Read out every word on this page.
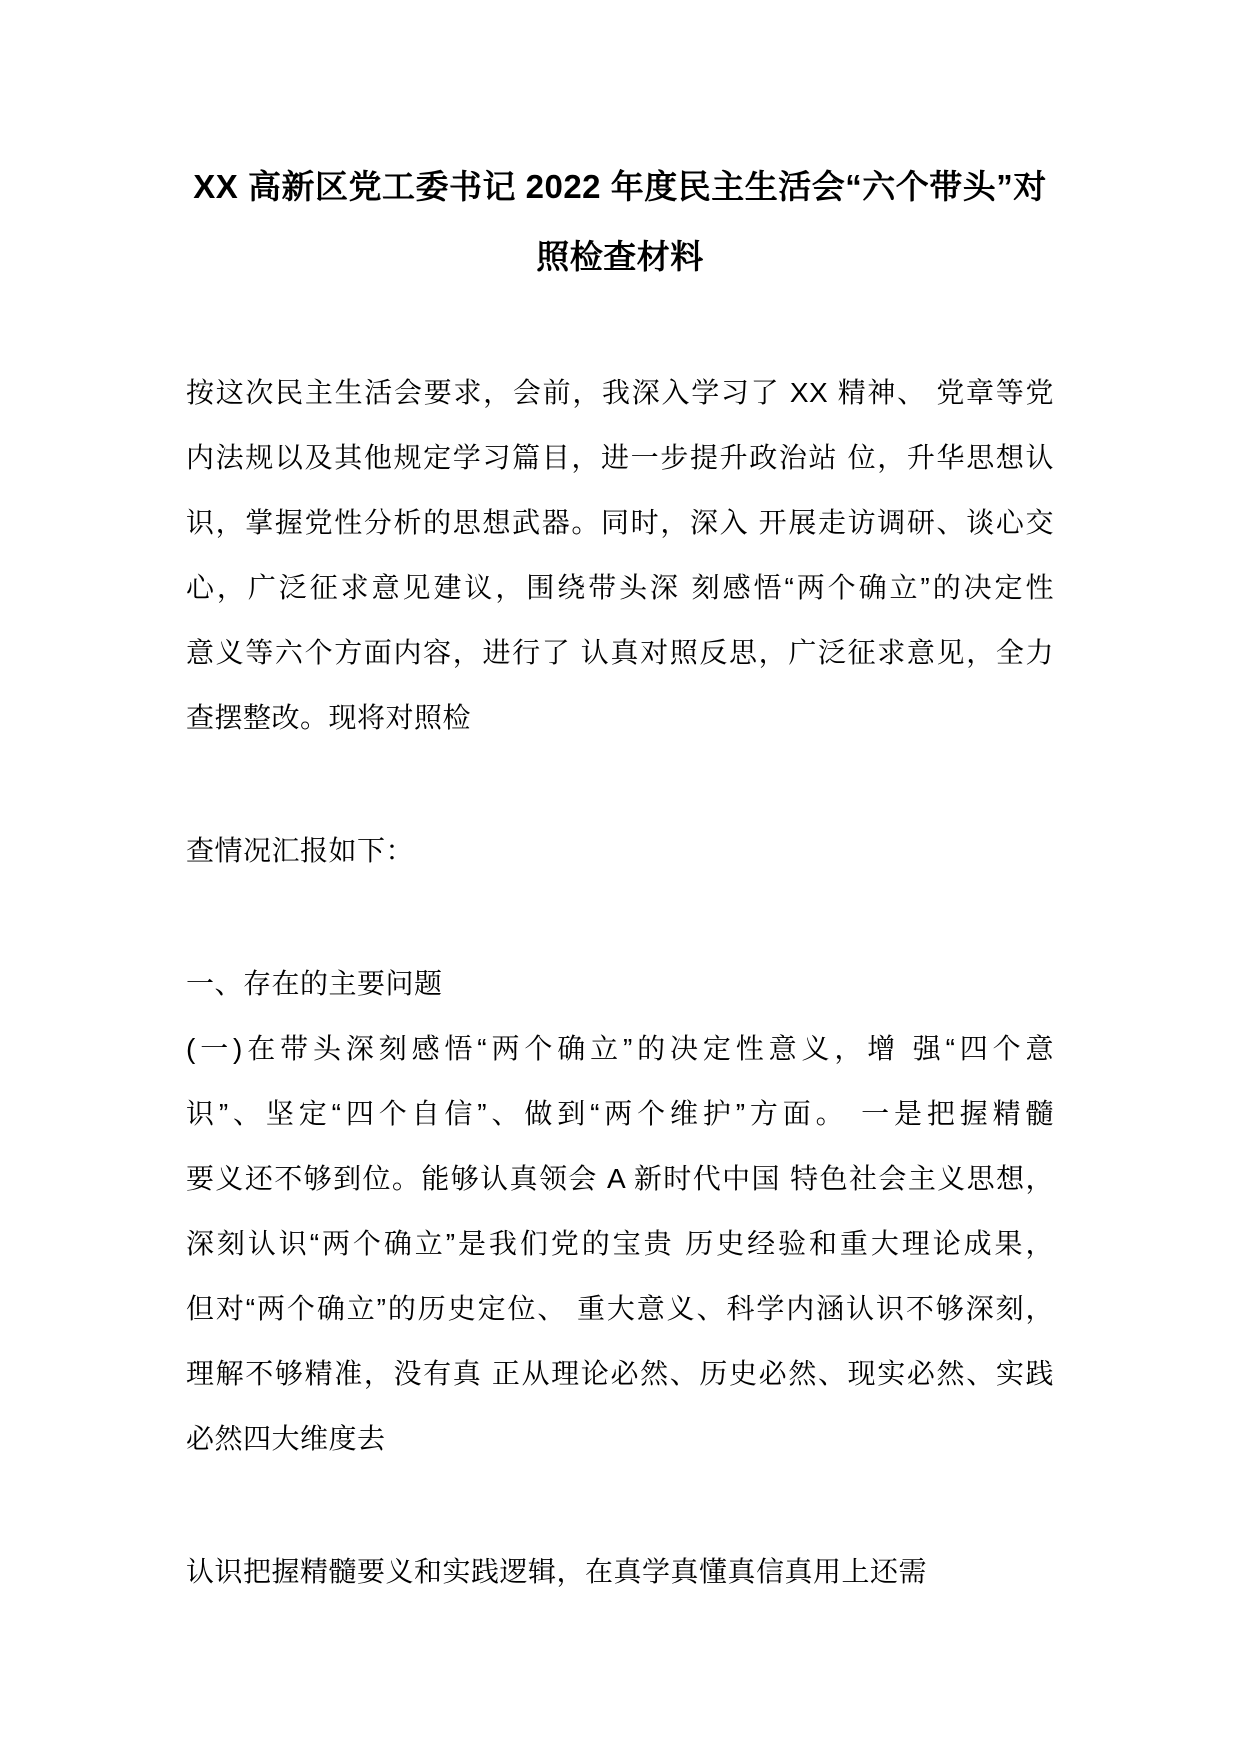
XX 高新区党工委书记 2022 年度民主生活会“六个带头”对
照检查材料
按这次民主生活会要求，会前，我深入学习了 XX 精神、 党章等党
内法规以及其他规定学习篇目，进一步提升政治站 位，升华思想认
识，掌握党性分析的思想武器。同时，深入 开展走访调研、谈心交
心，广泛征求意见建议，围绕带头深 刻感悟“两个确立”的决定性
意义等六个方面内容，进行了 认真对照反思，广泛征求意见，全力
查摆整改。现将对照检
查情况汇报如下：
一、存在的主要问题
(一)在带头深刻感悟“两个确立”的决定性意义，增 强“四个意
识”、坚定“四个自信”、做到“两个维护”方面。 一是把握精髓
要义还不够到位。能够认真领会 A 新时代中国 特色社会主义思想，
深刻认识“两个确立”是我们党的宝贵 历史经验和重大理论成果，
但对“两个确立”的历史定位、 重大意义、科学内涵认识不够深刻，
理解不够精准，没有真 正从理论必然、历史必然、现实必然、实践
必然四大维度去
认识把握精髓要义和实践逻辑，在真学真懂真信真用上还需
